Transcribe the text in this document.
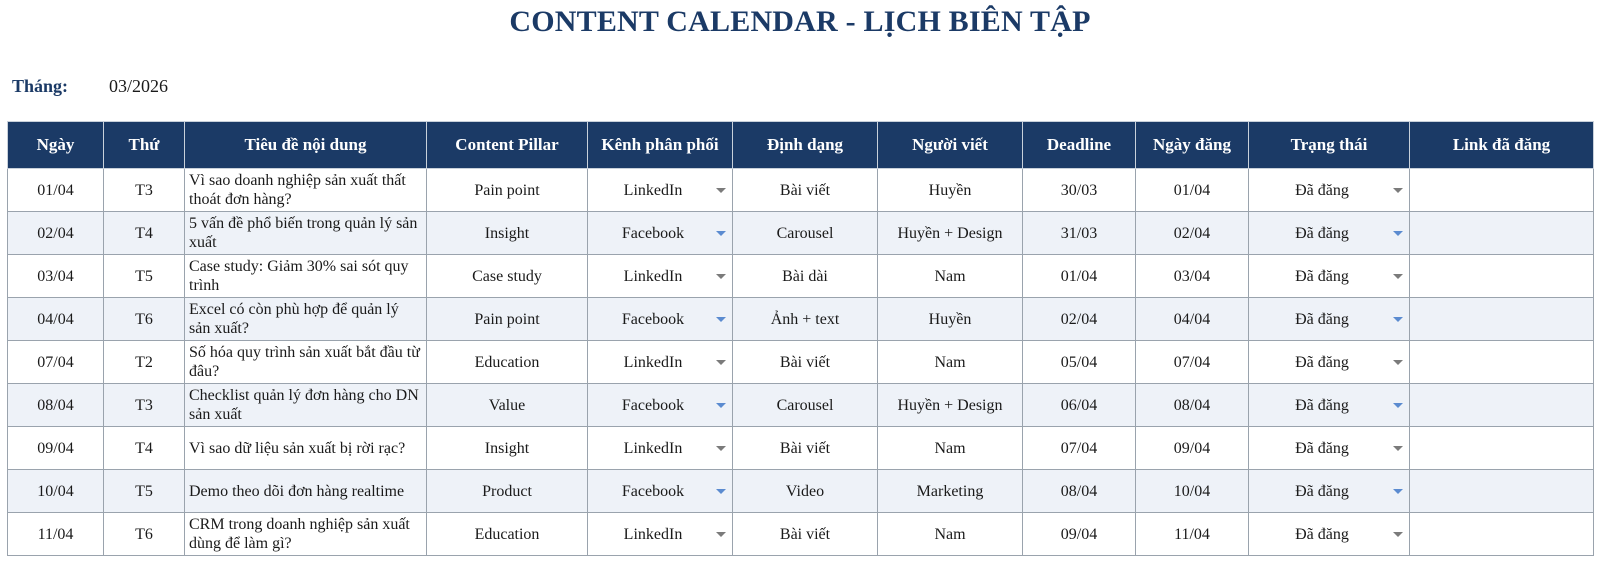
CONTENT CALENDAR - LỊCH BIÊN TẬP
Tháng: 03/2026
Ngày	Thứ	Tiêu đề nội dung	Content Pillar	Kênh phân phối	Định dạng	Người viết	Deadline	Ngày đăng	Trạng thái	Link đã đăng
01/04	T3	Vì sao doanh nghiệp sản xuất thất thoát đơn hàng?	Pain point	LinkedIn	Bài viết	Huyền	30/03	01/04	Đã đăng	

02/04	T4	5 vấn đề phổ biến trong quản lý sản xuất	Insight	Facebook	Carousel	Huyền + Design	31/03	02/04	Đã đăng	

03/04	T5	Case study: Giảm 30% sai sót quy trình	Case study	LinkedIn	Bài dài	Nam	01/04	03/04	Đã đăng	

04/04	T6	Excel có còn phù hợp để quản lý sản xuất?	Pain point	Facebook	Ảnh + text	Huyền	02/04	04/04	Đã đăng	

07/04	T2	Số hóa quy trình sản xuất bắt đầu từ đâu?	Education	LinkedIn	Bài viết	Nam	05/04	07/04	Đã đăng	

08/04	T3	Checklist quản lý đơn hàng cho DN sản xuất	Value	Facebook	Carousel	Huyền + Design	06/04	08/04	Đã đăng	

09/04	T4	Vì sao dữ liệu sản xuất bị rời rạc?	Insight	LinkedIn	Bài viết	Nam	07/04	09/04	Đã đăng	

10/04	T5	Demo theo dõi đơn hàng realtime	Product	Facebook	Video	Marketing	08/04	10/04	Đã đăng	

11/04	T6	CRM trong doanh nghiệp sản xuất dùng để làm gì?	Education	LinkedIn	Bài viết	Nam	09/04	11/04	Đã đăng	
